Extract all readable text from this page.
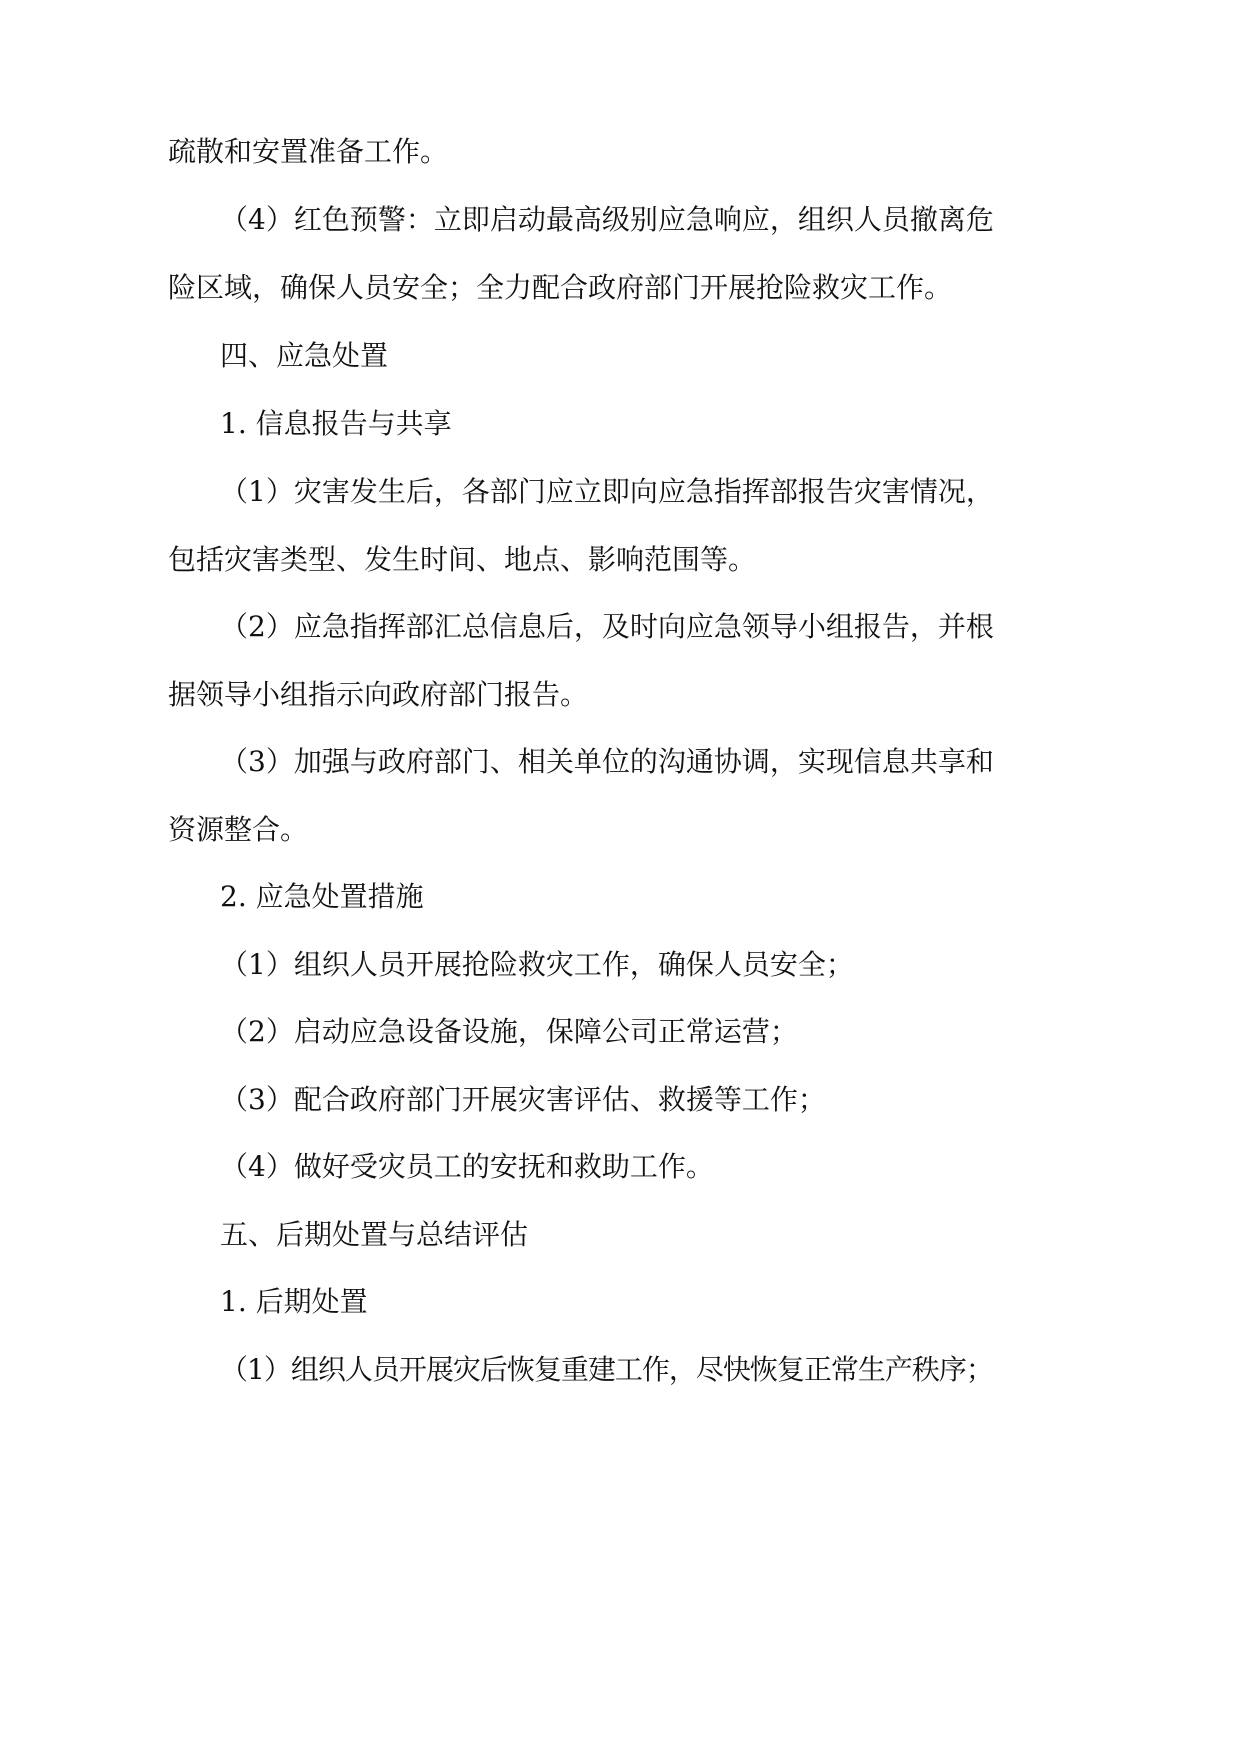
疏散和安置准备工作。
（4）红色预警：立即启动最高级别应急响应，组织人员撤离危
险区域，确保人员安全；全力配合政府部门开展抢险救灾工作。
四、应急处置
1. 信息报告与共享
（1）灾害发生后，各部门应立即向应急指挥部报告灾害情况，
包括灾害类型、发生时间、地点、影响范围等。
（2）应急指挥部汇总信息后，及时向应急领导小组报告，并根
据领导小组指示向政府部门报告。
（3）加强与政府部门、相关单位的沟通协调，实现信息共享和
资源整合。
2. 应急处置措施
（1）组织人员开展抢险救灾工作，确保人员安全；
（2）启动应急设备设施，保障公司正常运营；
（3）配合政府部门开展灾害评估、救援等工作；
（4）做好受灾员工的安抚和救助工作。
五、后期处置与总结评估
1. 后期处置
（1）组织人员开展灾后恢复重建工作，尽快恢复正常生产秩序；
